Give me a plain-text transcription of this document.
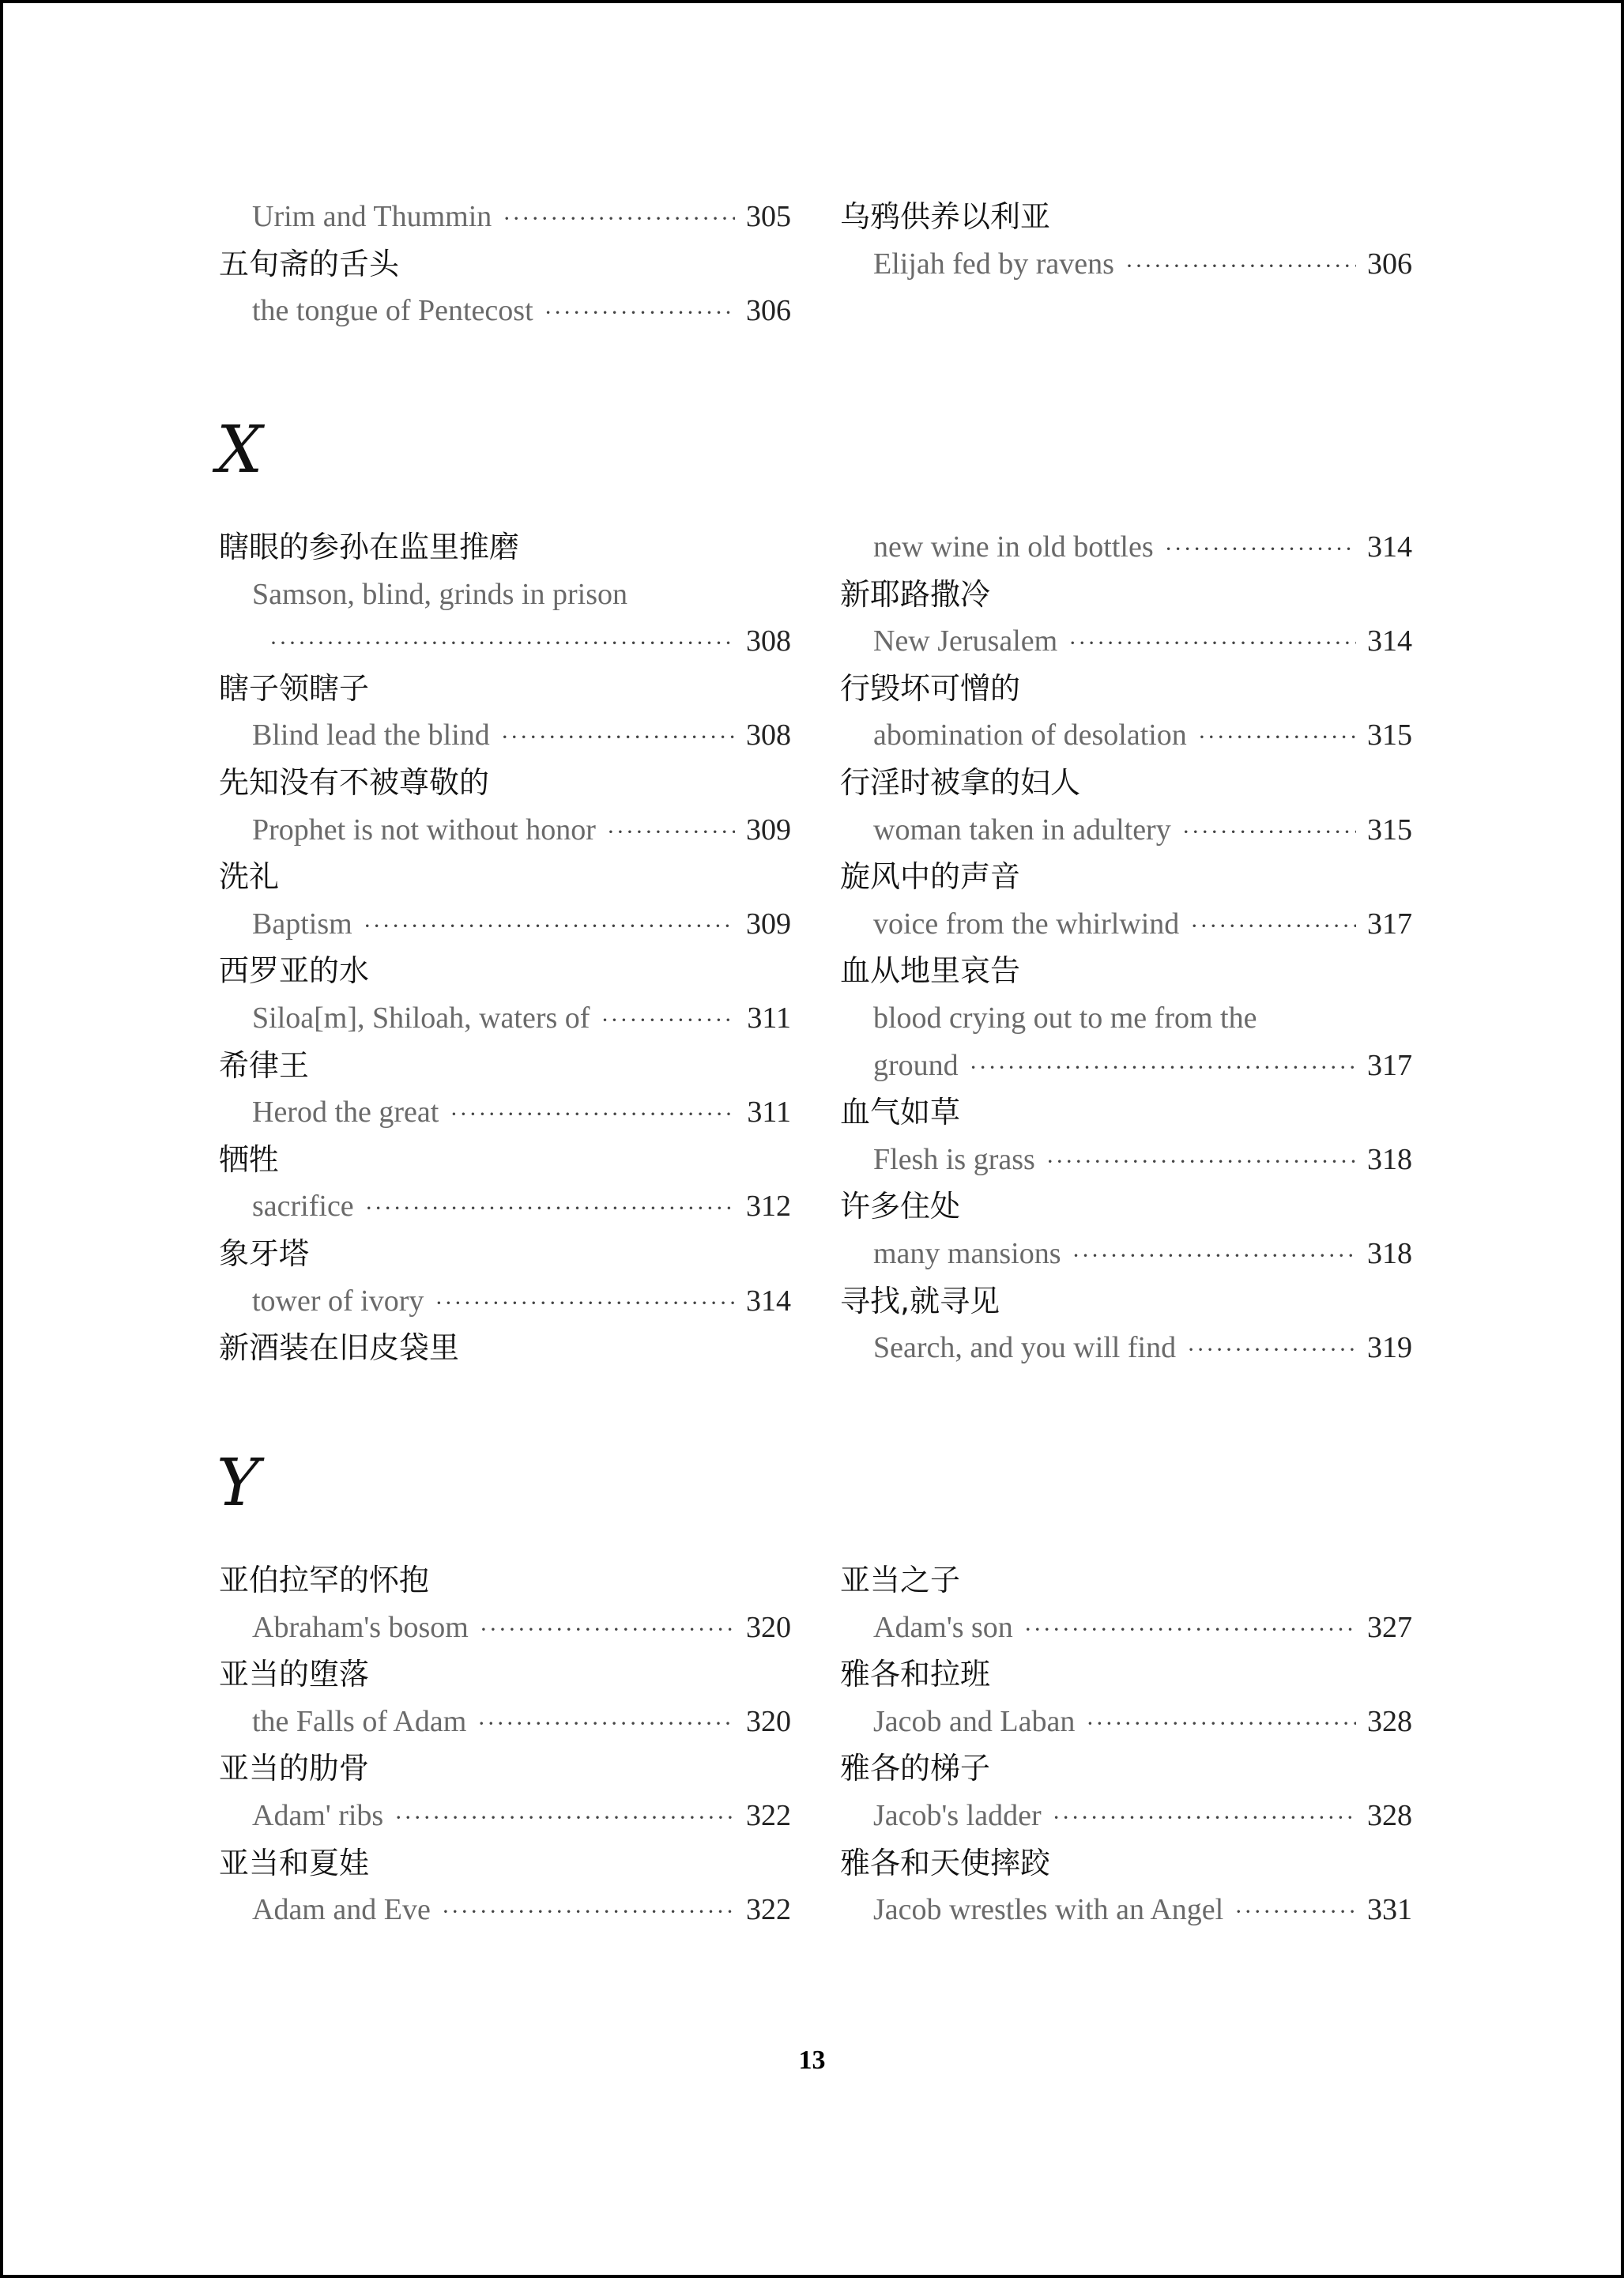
Urim and Thummin ·····	305
五旬斋的舌头
the tongue of Pentecost ·····	306
乌鸦供养以利亚
Elijah fed by ravens ·····	306
X
瞎眼的参孙在监里推磨
Samson, blind, grinds in prison
·····
308
瞎子领瞎子
Blind lead the blind ·····	308
先知没有不被尊敬的
Prophet is not without honor ·····	309
洗礼
Baptism ·····	309
西罗亚的水
Siloa[m], Shiloah, waters of ·····	311
希律王
Herod the great ·····	311
牺牲
sacrifice ·····	312
象牙塔
tower of ivory ·····	314
新酒装在旧皮袋里
new wine in old bottles ·····	314
新耶路撒冷
New Jerusalem ·····	314
行毁坏可憎的
abomination of desolation ·····	315
行淫时被拿的妇人
woman taken in adultery ·····	315
旋风中的声音
voice from the whirlwind ·····	317
血从地里哀告
blood crying out to me from the
ground ·····	317
血气如草
Flesh is grass ·····	318
许多住处
many mansions ·····	318
寻找,就寻见
Search, and you will find ·····	319
Y
亚伯拉罕的怀抱
Abraham's bosom ·····	320
亚当的堕落
the Falls of Adam ·····	320
亚当的肋骨
Adam' ribs ·····	322
亚当和夏娃
Adam and Eve ·····	322
亚当之子
Adam's son ·····	327
雅各和拉班
Jacob and Laban ·····	328
雅各的梯子
Jacob's ladder ·····	328
雅各和天使摔跤
Jacob wrestles with an Angel ·····	331
13
